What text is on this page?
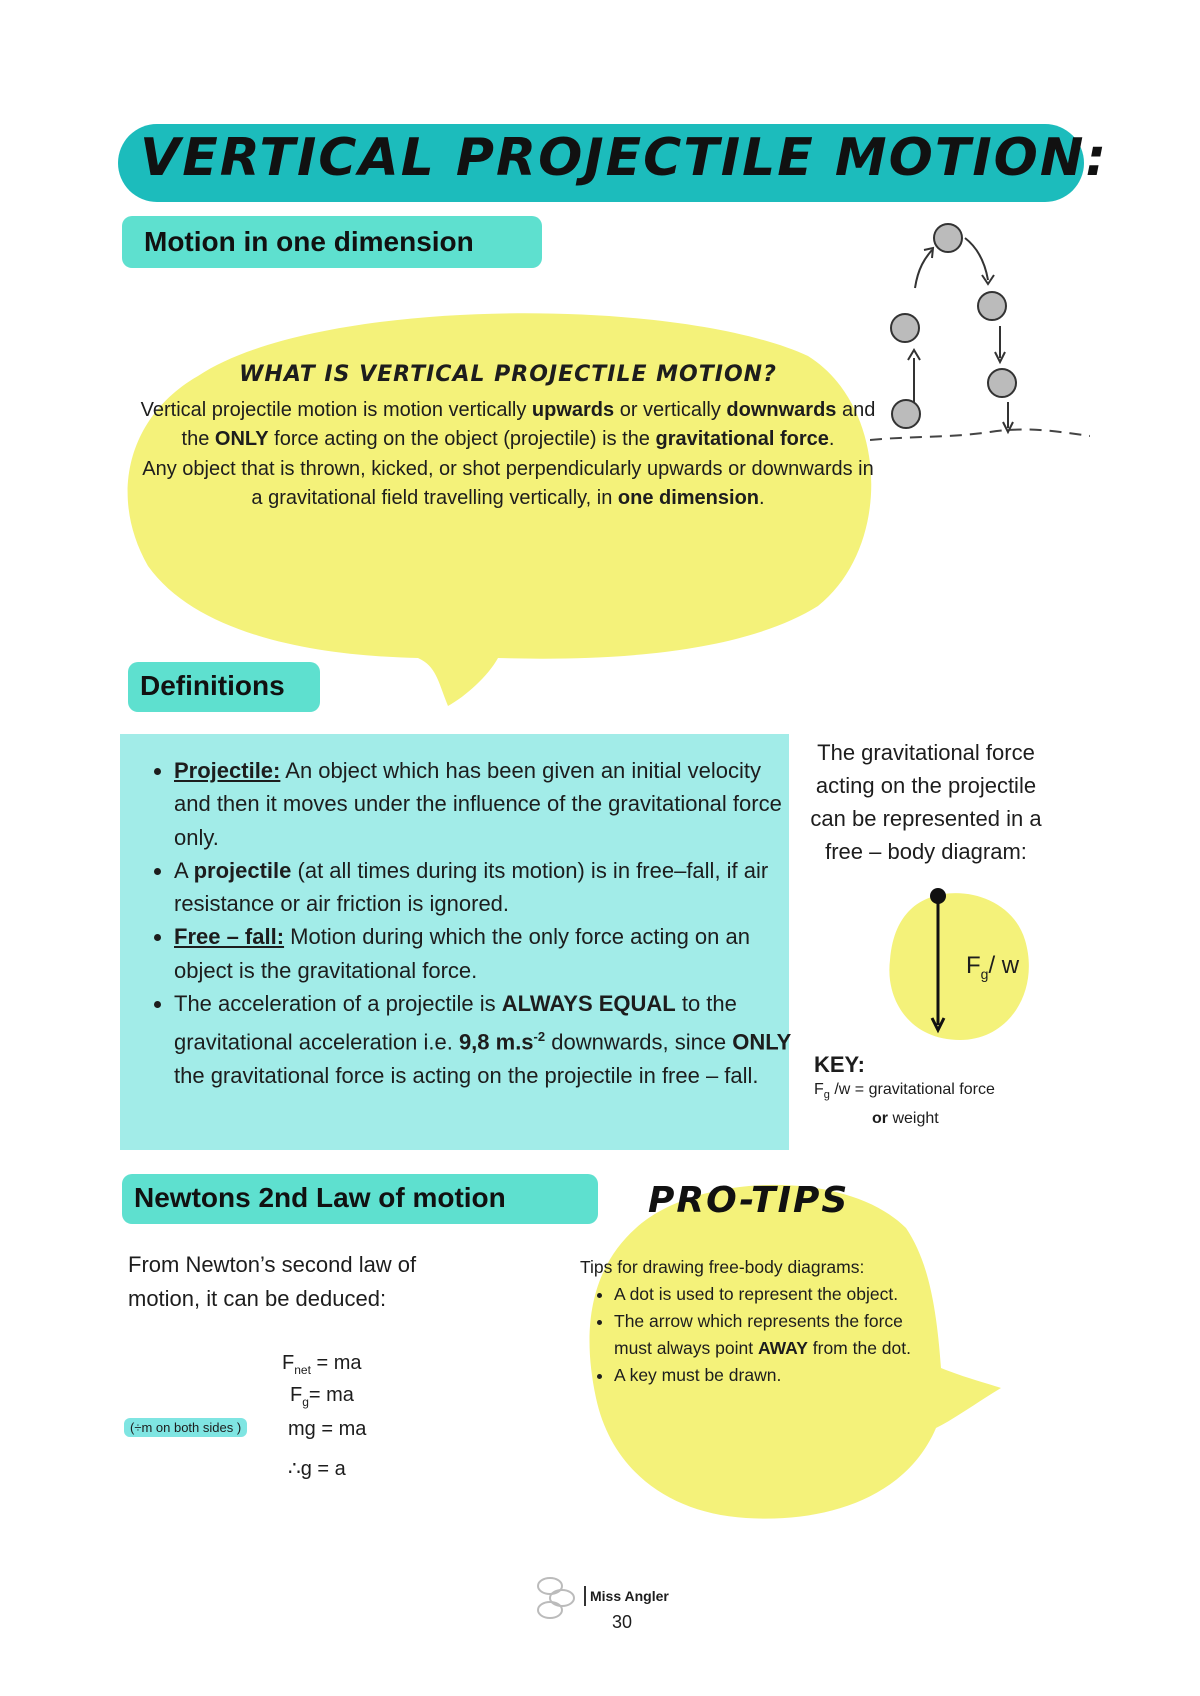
VERTICAL PROJECTILE MOTION:
Motion in one dimension
WHAT IS VERTICAL PROJECTILE MOTION?
Vertical projectile motion is motion vertically upwards or vertically downwards and the ONLY force acting on the object (projectile) is the gravitational force.
Any object that is thrown, kicked, or shot perpendicularly upwards or downwards in a gravitational field travelling vertically, in one dimension.
Definitions
• Projectile: An object which has been given an initial velocity and then it moves under the influence of the gravitational force only.
• A projectile (at all times during its motion) is in free–fall, if air resistance or air friction is ignored.
• Free – fall: Motion during which the only force acting on an object is the gravitational force.
• The acceleration of a projectile is ALWAYS EQUAL to the gravitational acceleration i.e. 9,8 $m.s^{-2}$ downwards, since ONLY the gravitational force is acting on the projectile in free – fall.
The gravitational force acting on the projectile can be represented in a free – body diagram:
$F_g/$ w
KEY:
$F_g$ /w = gravitational force
or weight
Newtons 2nd Law of motion
From Newton’s second law of motion, it can be deduced:
$F_{net}$ = ma
$F_g=$ ma
(÷m on both sides )	mg = ma
∴g = a
PRO-TIPS
Tips for drawing free-body diagrams:
• A dot is used to represent the object.
• The arrow which represents the force must always point AWAY from the dot.
• A key must be drawn.
Miss Angler
30
